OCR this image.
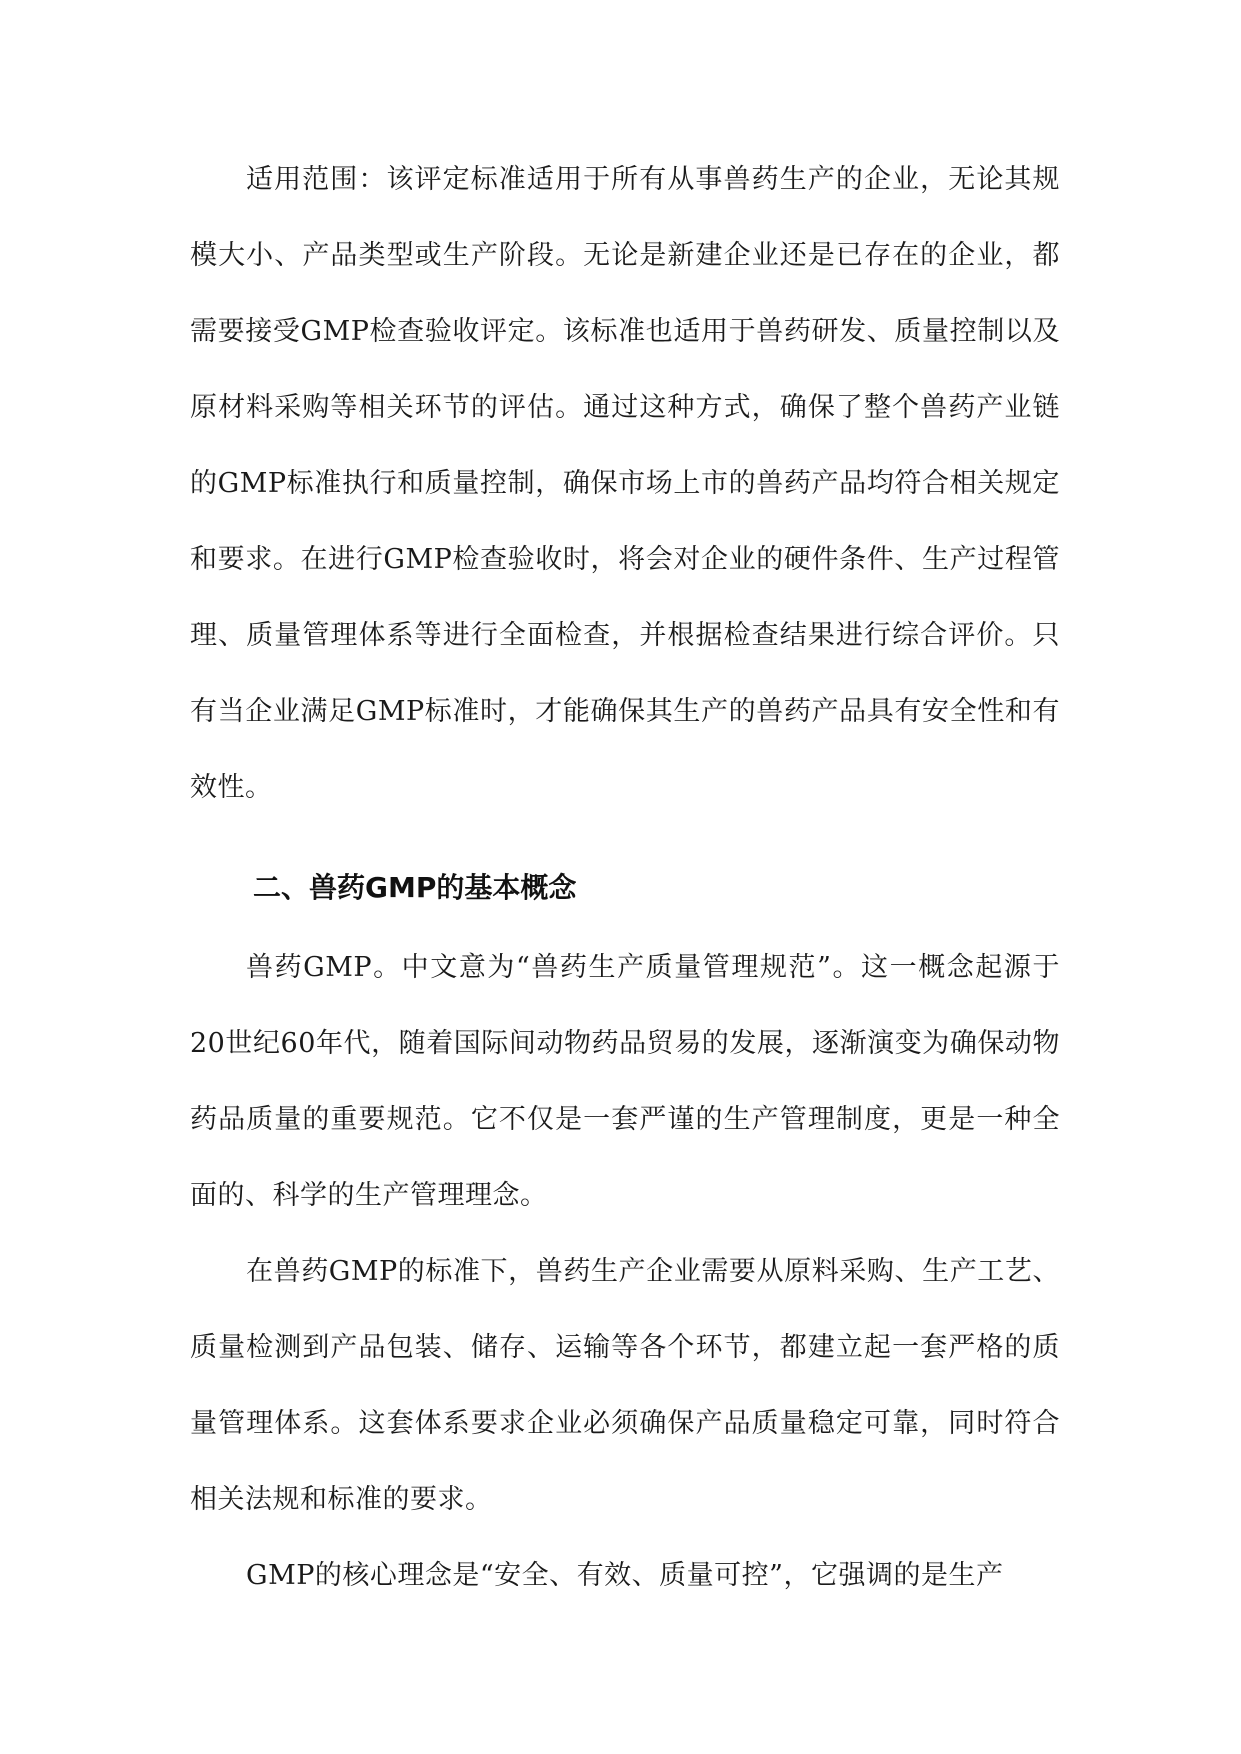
适用范围：该评定标准适用于所有从事兽药生产的企业，无论其规模大小、产品类型或生产阶段。无论是新建企业还是已存在的企业，都需要接受GMP检查验收评定。该标准也适用于兽药研发、质量控制以及原材料采购等相关环节的评估。通过这种方式，确保了整个兽药产业链的GMP标准执行和质量控制，确保市场上市的兽药产品均符合相关规定和要求。在进行GMP检查验收时，将会对企业的硬件条件、生产过程管理、质量管理体系等进行全面检查，并根据检查结果进行综合评价。只有当企业满足GMP标准时，才能确保其生产的兽药产品具有安全性和有效性。

二、兽药GMP的基本概念

兽药GMP。中文意为“兽药生产质量管理规范”。这一概念起源于20世纪60年代，随着国际间动物药品贸易的发展，逐渐演变为确保动物药品质量的重要规范。它不仅是一套严谨的生产管理制度，更是一种全面的、科学的生产管理理念。

在兽药GMP的标准下，兽药生产企业需要从原料采购、生产工艺、质量检测到产品包装、储存、运输等各个环节，都建立起一套严格的质量管理体系。这套体系要求企业必须确保产品质量稳定可靠，同时符合相关法规和标准的要求。

GMP的核心理念是“安全、有效、质量可控”，它强调的是生产
